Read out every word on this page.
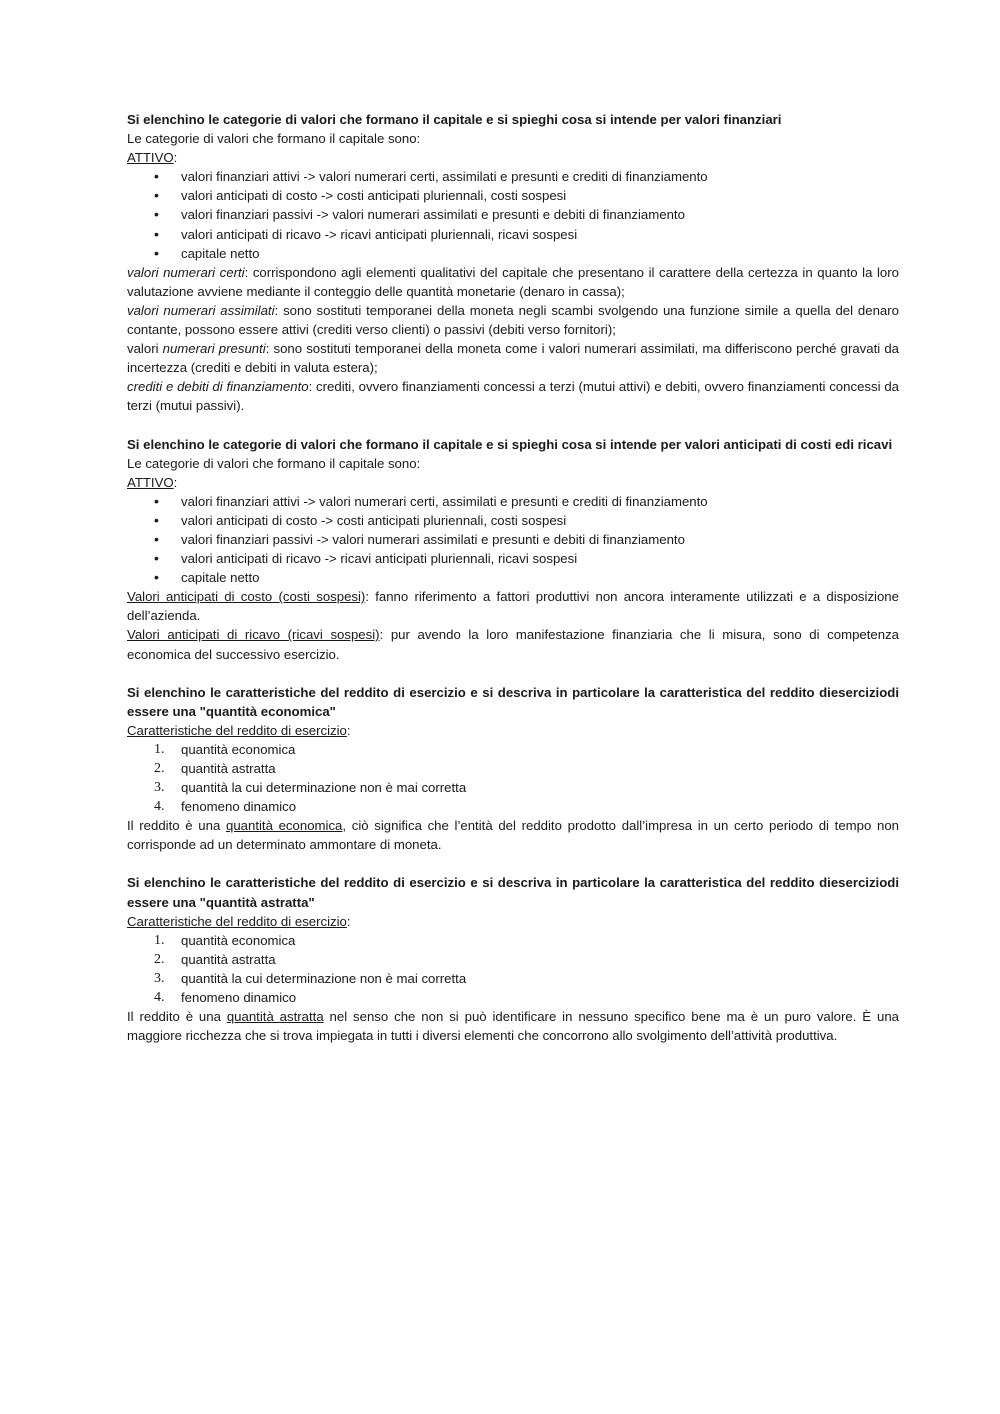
Si elenchino le categorie di valori che formano il capitale e si spieghi cosa si intende per valori finanziari
Le categorie di valori che formano il capitale sono:
ATTIVO:
• valori finanziari attivi -> valori numerari certi, assimilati e presunti e crediti di finanziamento
• valori anticipati di costo -> costi anticipati pluriennali, costi sospesi
• valori finanziari passivi -> valori numerari assimilati e presunti e debiti di finanziamento
• valori anticipati di ricavo -> ricavi anticipati pluriennali, ricavi sospesi
• capitale netto
valori numerari certi: corrispondono agli elementi qualitativi del capitale che presentano il carattere della certezza in quanto la loro valutazione avviene mediante il conteggio delle quantità monetarie (denaro in cassa);
valori numerari assimilati: sono sostituti temporanei della moneta negli scambi svolgendo una funzione simile a quella del denaro contante, possono essere attivi (crediti verso clienti) o passivi (debiti verso fornitori);
valori numerari presunti: sono sostituti temporanei della moneta come i valori numerari assimilati, ma differiscono perché gravati da incertezza (crediti e debiti in valuta estera);
crediti e debiti di finanziamento: crediti, ovvero finanziamenti concessi a terzi (mutui attivi) e debiti, ovvero finanziamenti concessi da terzi (mutui passivi).
Si elenchino le categorie di valori che formano il capitale e si spieghi cosa si intende per valori anticipati di costi edi ricavi
Le categorie di valori che formano il capitale sono:
ATTIVO:
• valori finanziari attivi -> valori numerari certi, assimilati e presunti e crediti di finanziamento
• valori anticipati di costo -> costi anticipati pluriennali, costi sospesi
• valori finanziari passivi -> valori numerari assimilati e presunti e debiti di finanziamento
• valori anticipati di ricavo -> ricavi anticipati pluriennali, ricavi sospesi
• capitale netto
Valori anticipati di costo (costi sospesi): fanno riferimento a fattori produttivi non ancora interamente utilizzati e a disposizione dell’azienda.
Valori anticipati di ricavo (ricavi sospesi): pur avendo la loro manifestazione finanziaria che li misura, sono di competenza economica del successivo esercizio.
Si elenchino le caratteristiche del reddito di esercizio e si descriva in particolare la caratteristica del reddito dieserciziodi essere una "quantità economica"
Caratteristiche del reddito di esercizio:
1. quantità economica
2. quantità astratta
3. quantità la cui determinazione non è mai corretta
4. fenomeno dinamico
Il reddito è una quantità economica, ciò significa che l’entità del reddito prodotto dall’impresa in un certo periodo di tempo non corrisponde ad un determinato ammontare di moneta.
Si elenchino le caratteristiche del reddito di esercizio e si descriva in particolare la caratteristica del reddito dieserciziodi essere una "quantità astratta"
Caratteristiche del reddito di esercizio:
1. quantità economica
2. quantità astratta
3. quantità la cui determinazione non è mai corretta
4. fenomeno dinamico
Il reddito è una quantità astratta nel senso che non si può identificare in nessuno specifico bene ma è un puro valore. È una maggiore ricchezza che si trova impiegata in tutti i diversi elementi che concorrono allo svolgimento dell’attività produttiva.
